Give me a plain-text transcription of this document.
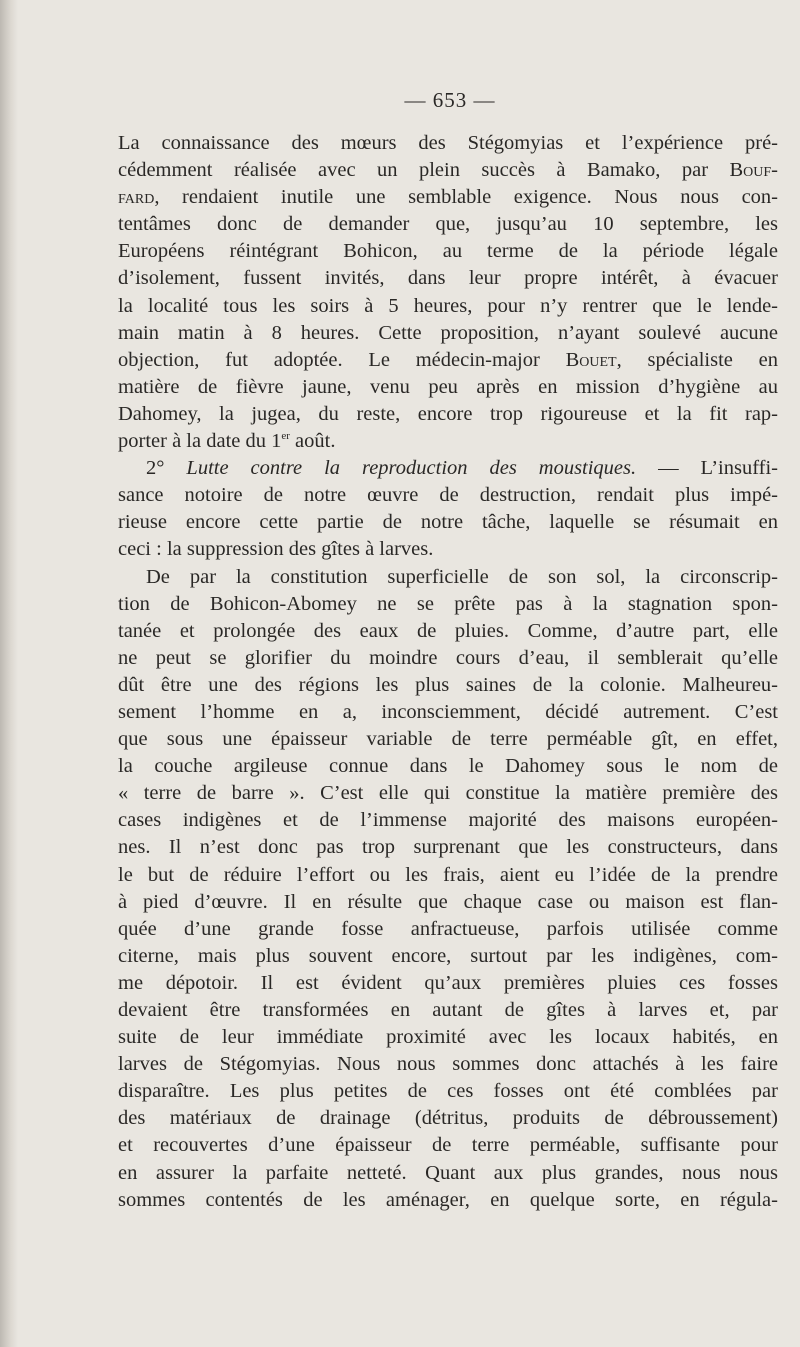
— 653 —
La connaissance des mœurs des Stégomyias et l’expérience pré-
cédemment réalisée avec un plein succès à Bamako, par Bouf-
fard, rendaient inutile une semblable exigence. Nous nous con-
tentâmes donc de demander que, jusqu’au 10 septembre, les
Européens réintégrant Bohicon, au terme de la période légale
d’isolement, fussent invités, dans leur propre intérêt, à évacuer
la localité tous les soirs à 5 heures, pour n’y rentrer que le lende-
main matin à 8 heures. Cette proposition, n’ayant soulevé aucune
objection, fut adoptée. Le médecin-major Bouet, spécialiste en
matière de fièvre jaune, venu peu après en mission d’hygiène au
Dahomey, la jugea, du reste, encore trop rigoureuse et la fit rap-
porter à la date du 1er août.
2° Lutte contre la reproduction des moustiques. — L’insuffi-
sance notoire de notre œuvre de destruction, rendait plus impé-
rieuse encore cette partie de notre tâche, laquelle se résumait en
ceci : la suppression des gîtes à larves.
De par la constitution superficielle de son sol, la circonscrip-
tion de Bohicon-Abomey ne se prête pas à la stagnation spon-
tanée et prolongée des eaux de pluies. Comme, d’autre part, elle
ne peut se glorifier du moindre cours d’eau, il semblerait qu’elle
dût être une des régions les plus saines de la colonie. Malheureu-
sement l’homme en a, inconsciemment, décidé autrement. C’est
que sous une épaisseur variable de terre perméable gît, en effet,
la couche argileuse connue dans le Dahomey sous le nom de
« terre de barre ». C’est elle qui constitue la matière première des
cases indigènes et de l’immense majorité des maisons européen-
nes. Il n’est donc pas trop surprenant que les constructeurs, dans
le but de réduire l’effort ou les frais, aient eu l’idée de la prendre
à pied d’œuvre. Il en résulte que chaque case ou maison est flan-
quée d’une grande fosse anfractueuse, parfois utilisée comme
citerne, mais plus souvent encore, surtout par les indigènes, com-
me dépotoir. Il est évident qu’aux premières pluies ces fosses
devaient être transformées en autant de gîtes à larves et, par
suite de leur immédiate proximité avec les locaux habités, en
larves de Stégomyias. Nous nous sommes donc attachés à les faire
disparaître. Les plus petites de ces fosses ont été comblées par
des matériaux de drainage (détritus, produits de débroussement)
et recouvertes d’une épaisseur de terre perméable, suffisante pour
en assurer la parfaite netteté. Quant aux plus grandes, nous nous
sommes contentés de les aménager, en quelque sorte, en régula-
